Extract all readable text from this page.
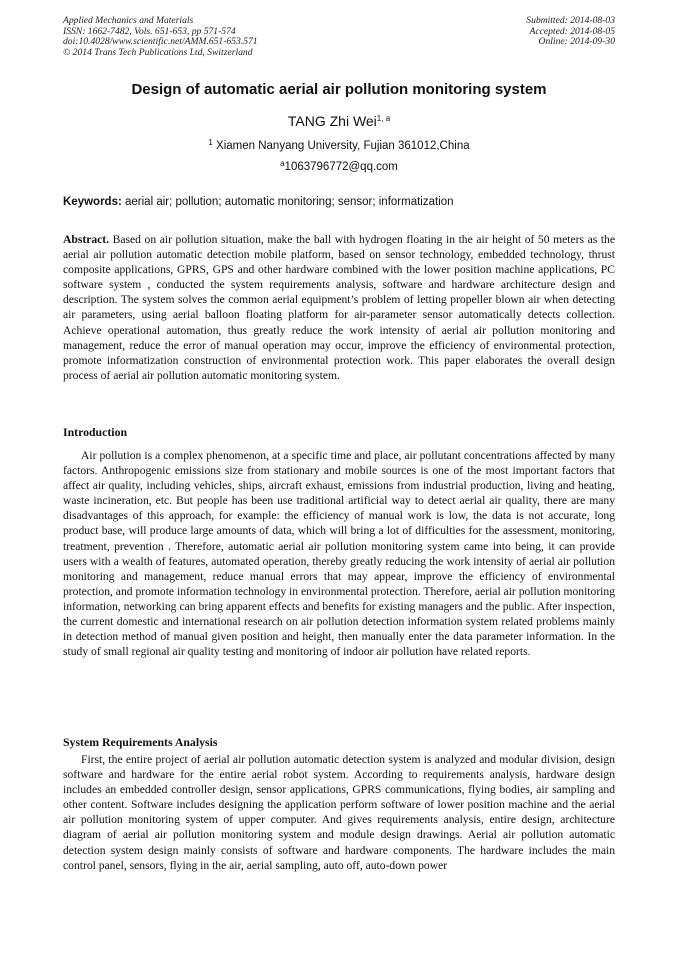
Applied Mechanics and Materials
ISSN: 1662-7482, Vols. 651-653, pp 571-574
doi:10.4028/www.scientific.net/AMM.651-653.571
© 2014 Trans Tech Publications Ltd, Switzerland
Submitted: 2014-08-03
Accepted: 2014-08-05
Online: 2014-09-30
Design of automatic aerial air pollution monitoring system
TANG Zhi Wei$^{1, a}$
$^1$ Xiamen Nanyang University, Fujian 361012,China
$^a$1063796772@qq.com
Keywords: aerial air; pollution; automatic monitoring; sensor; informatization
Abstract. Based on air pollution situation, make the ball with hydrogen floating in the air height of 50 meters as the aerial air pollution automatic detection mobile platform, based on sensor technology, embedded technology, thrust composite applications, GPRS, GPS and other hardware combined with the lower position machine applications, PC software system , conducted the system requirements analysis, software and hardware architecture design and description. The system solves the common aerial equipment’s problem of letting propeller blown air when detecting air parameters, using aerial balloon floating platform for air-parameter sensor automatically detects collection. Achieve operational automation, thus greatly reduce the work intensity of aerial air pollution monitoring and management, reduce the error of manual operation may occur, improve the efficiency of environmental protection, promote informatization construction of environmental protection work. This paper elaborates the overall design process of aerial air pollution automatic monitoring system.
Introduction
Air pollution is a complex phenomenon, at a specific time and place, air pollutant concentrations affected by many factors. Anthropogenic emissions size from stationary and mobile sources is one of the most important factors that affect air quality, including vehicles, ships, aircraft exhaust, emissions from industrial production, living and heating, waste incineration, etc. But people has been use traditional artificial way to detect aerial air quality, there are many disadvantages of this approach, for example: the efficiency of manual work is low, the data is not accurate, long product base, will produce large amounts of data, which will bring a lot of difficulties for the assessment, monitoring, treatment, prevention . Therefore, automatic aerial air pollution monitoring system came into being, it can provide users with a wealth of features, automated operation, thereby greatly reducing the work intensity of aerial air pollution monitoring and management, reduce manual errors that may appear, improve the efficiency of environmental protection, and promote information technology in environmental protection. Therefore, aerial air pollution monitoring information, networking can bring apparent effects and benefits for existing managers and the public. After inspection, the current domestic and international research on air pollution detection information system related problems mainly in detection method of manual given position and height, then manually enter the data parameter information. In the study of small regional air quality testing and monitoring of indoor air pollution have related reports.
System Requirements Analysis
First, the entire project of aerial air pollution automatic detection system is analyzed and modular division, design software and hardware for the entire aerial robot system. According to requirements analysis, hardware design includes an embedded controller design, sensor applications, GPRS communications, flying bodies, air sampling and other content. Software includes designing the application perform software of lower position machine and the aerial air pollution monitoring system of upper computer. And gives requirements analysis, entire design, architecture diagram of aerial air pollution monitoring system and module design drawings. Aerial air pollution automatic detection system design mainly consists of software and hardware components. The hardware includes the main control panel, sensors, flying in the air, aerial sampling, auto off, auto-down power
